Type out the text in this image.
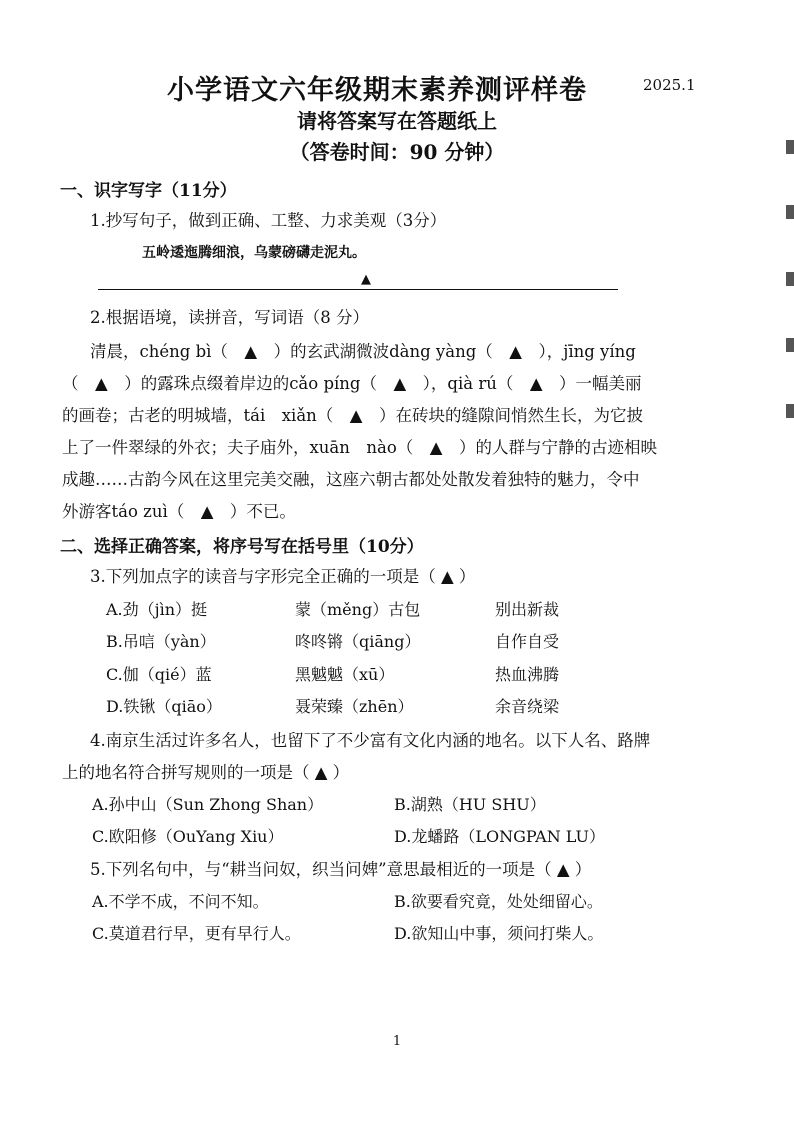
小学语文六年级期末素养测评样卷	2025.1
请将答案写在答题纸上
（答卷时间：90 分钟）
一、识字写字（11分）
1.抄写句子，做到正确、工整、力求美观（3分）
五岭逶迤腾细浪，乌蒙磅礴走泥丸。
▲
2.根据语境，读拼音，写词语（8 分）
清晨，chéng bì（　▲　）的玄武湖微波dàng yàng（　▲　），jīng yíng
（　▲　）的露珠点缀着岸边的cǎo píng（　▲　），qià rú（　▲　）一幅美丽
的画卷；古老的明城墙，tái　xiǎn（　▲　）在砖块的缝隙间悄然生长，为它披
上了一件翠绿的外衣；夫子庙外，xuān　nào（　▲　）的人群与宁静的古迹相映
成趣……古韵今风在这里完美交融，这座六朝古都处处散发着独特的魅力，令中
外游客táo zuì（　▲　）不已。
二、选择正确答案，将序号写在括号里（10分）
3.下列加点字的读音与字形完全正确的一项是（ ▲ ）
A.劲（jìn）挺	蒙（měng）古包	别出新裁
B.吊唁（yàn）	咚咚锵（qiāng）	自作自受
C.伽（qié）蓝	黑魆魆（xū）	热血沸腾
D.铁锹（qiāo）	聂荣臻（zhēn）	余音绕梁
4.南京生活过许多名人，也留下了不少富有文化内涵的地名。以下人名、路牌
上的地名符合拼写规则的一项是（ ▲ ）
A.孙中山（Sun Zhong Shan）	B.湖熟（HU SHU）
C.欧阳修（OuYang Xiu）	D.龙蟠路（LONGPAN LU）
5.下列名句中，与“耕当问奴，织当问婢”意思最相近的一项是（ ▲ ）
A.不学不成，不问不知。	B.欲要看究竟，处处细留心。
C.莫道君行早，更有早行人。	D.欲知山中事，须问打柴人。
1
